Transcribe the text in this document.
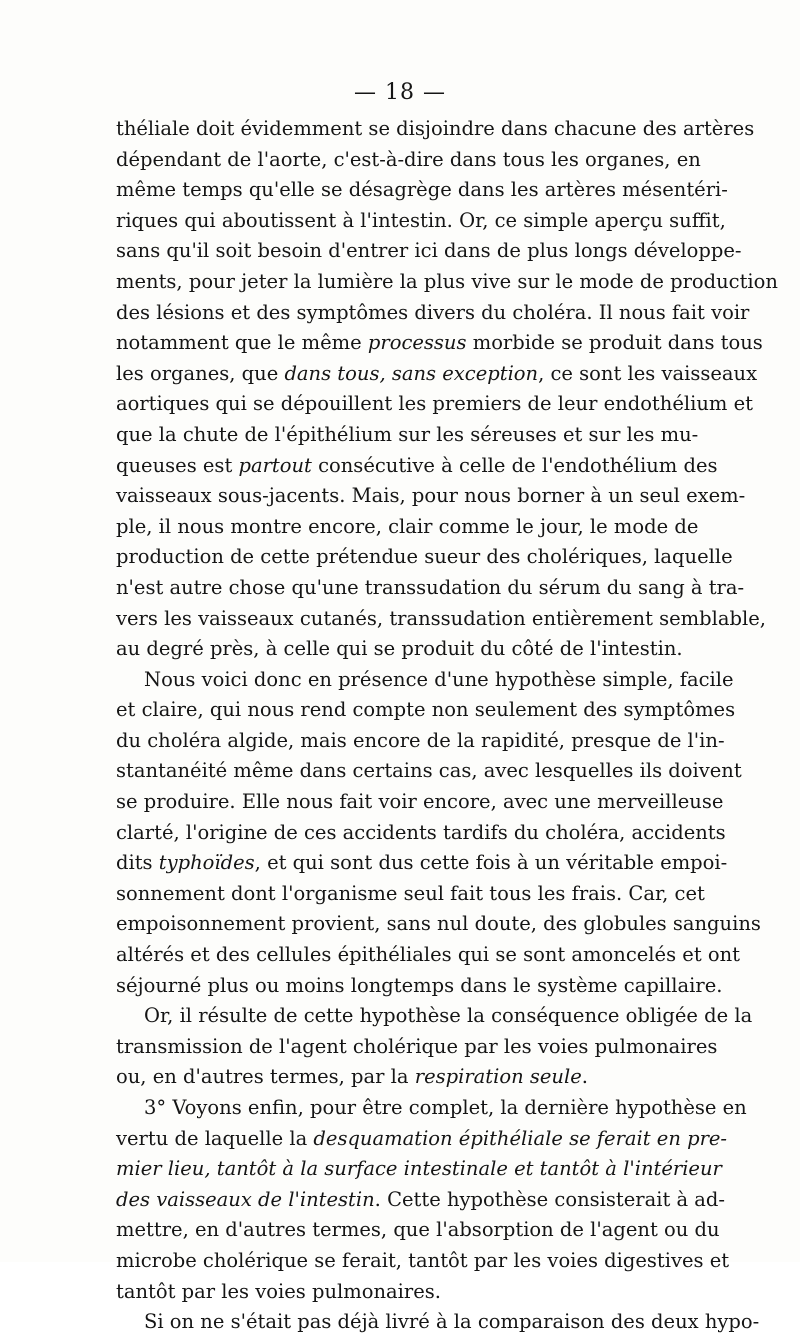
— 18 —
théliale doit évidemment se disjoindre dans chacune des artères
dépendant de l'aorte, c'est-à-dire dans tous les organes, en
même temps qu'elle se désagrège dans les artères mésentéri-
riques qui aboutissent à l'intestin. Or, ce simple aperçu suffit,
sans qu'il soit besoin d'entrer ici dans de plus longs développe-
ments, pour jeter la lumière la plus vive sur le mode de production
des lésions et des symptômes divers du choléra. Il nous fait voir
notamment que le même processus morbide se produit dans tous
les organes, que dans tous, sans exception, ce sont les vaisseaux
aortiques qui se dépouillent les premiers de leur endothélium et
que la chute de l'épithélium sur les séreuses et sur les mu-
queuses est partout consécutive à celle de l'endothélium des
vaisseaux sous-jacents. Mais, pour nous borner à un seul exem-
ple, il nous montre encore, clair comme le jour, le mode de
production de cette prétendue sueur des cholériques, laquelle
n'est autre chose qu'une transsudation du sérum du sang à tra-
vers les vaisseaux cutanés, transsudation entièrement semblable,
au degré près, à celle qui se produit du côté de l'intestin.
Nous voici donc en présence d'une hypothèse simple, facile
et claire, qui nous rend compte non seulement des symptômes
du choléra algide, mais encore de la rapidité, presque de l'in-
stantanéité même dans certains cas, avec lesquelles ils doivent
se produire. Elle nous fait voir encore, avec une merveilleuse
clarté, l'origine de ces accidents tardifs du choléra, accidents
dits typhoïdes, et qui sont dus cette fois à un véritable empoi-
sonnement dont l'organisme seul fait tous les frais. Car, cet
empoisonnement provient, sans nul doute, des globules sanguins
altérés et des cellules épithéliales qui se sont amoncelés et ont
séjourné plus ou moins longtemps dans le système capillaire.
Or, il résulte de cette hypothèse la conséquence obligée de la
transmission de l'agent cholérique par les voies pulmonaires
ou, en d'autres termes, par la respiration seule.
3° Voyons enfin, pour être complet, la dernière hypothèse en
vertu de laquelle la desquamation épithéliale se ferait en pre-
mier lieu, tantôt à la surface intestinale et tantôt à l'intérieur
des vaisseaux de l'intestin. Cette hypothèse consisterait à ad-
mettre, en d'autres termes, que l'absorption de l'agent ou du
microbe cholérique se ferait, tantôt par les voies digestives et
tantôt par les voies pulmonaires.
Si on ne s'était pas déjà livré à la comparaison des deux hypo-
